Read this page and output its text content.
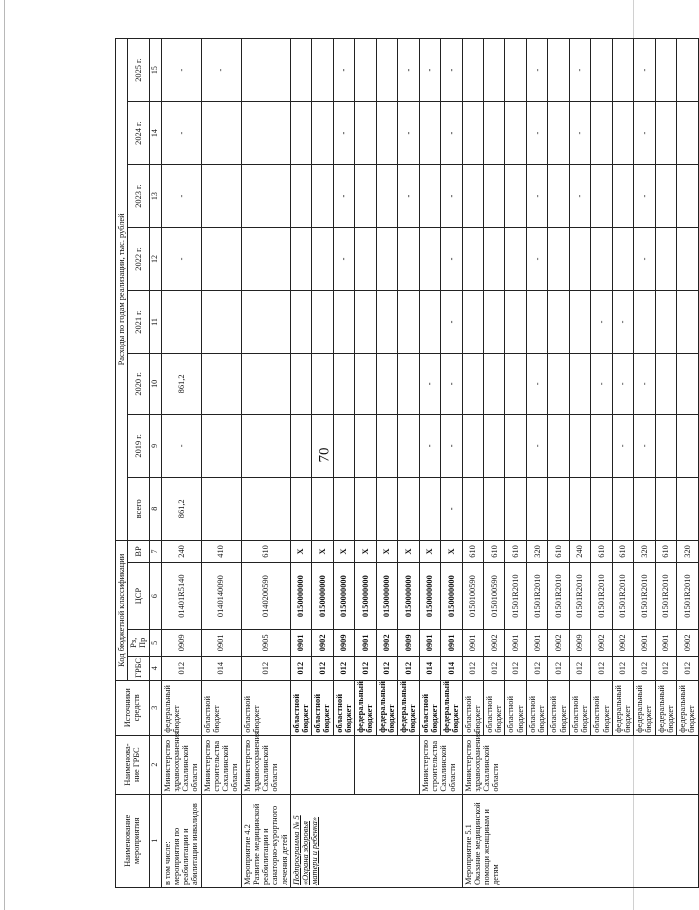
70
Наименование мероприятия	Наименова-ние ГРБС	Источники средств	Код бюджетной классификации				Расходы по годам реализации, тыс. рублей							
			ГРБС	Рз, Пр	ЦСР	ВР	всего	2019 г.	2020 г.	2021 г.	2022 г.	2023 г.	2024 г.	2025 г.
1	2	3	4	5	6	7	8	9	10	11	12	13	14	15
в том числе: мероприятия по реабилитации и абилитации инвалидов	Министерство здравоохранения Сахалинской области	федеральный бюджет	012	0909	01401R5140	240	861,2	-	861,2		-	-	-	-
	Министерство строительства Сахалинской области	областной бюджет	014	0901	0140140090	410								-
Мероприятие 4.2 Развитие медицинской реабилитации и санаторно-курортного лечения детей	Министерство здравоохранения Сахалинской области	областной бюджет	012	0905	0140200590	610								
Подпрограмма № 5 «Охрана здоровья матери и ребенка»		областной бюджет	012	0901	0150000000	X								
		областной бюджет	012	0902	0150000000	X								
		областной бюджет	012	0909	0150000000	X					-	-	-	-
		федеральный бюджет	012	0901	0150000000	X								
		федеральный бюджет	012	0902	0150000000	X								
		федеральный бюджет	012	0909	0150000000	X						-	-	-
	Министерство строительства Сахалинской области	областной бюджет	014	0901	0150000000	X		-	-					-
		федеральный бюджет	014	0901	0150000000	X	-	-	-	-	-	-	-	-
Мероприятие 5.1 Оказание медицинской помощи женщинам и детям	Министерство здравоохранения Сахалинской области	областной бюджет	012	0901	0150100590	610								
		областной бюджет	012	0902	0150100590	610								
		областной бюджет	012	0901	01501R2010	610								
		областной бюджет	012	0901	01501R2010	320		-	-		-	-	-	-
		областной бюджет	012	0902	01501R2010	610								
		областной бюджет	012	0909	01501R2010	240						-	-	-
		областной бюджет	012	0902	01501R2010	610			-	-				
		федеральный бюджет	012	0902	01501R2010	610		-	-	-				
		федеральный бюджет	012	0901	01501R2010	320		-	-		-	-	-	-
		федеральный бюджет	012	0901	01501R2010	610								
		федеральный бюджет	012	0902	01501R2010	320								
